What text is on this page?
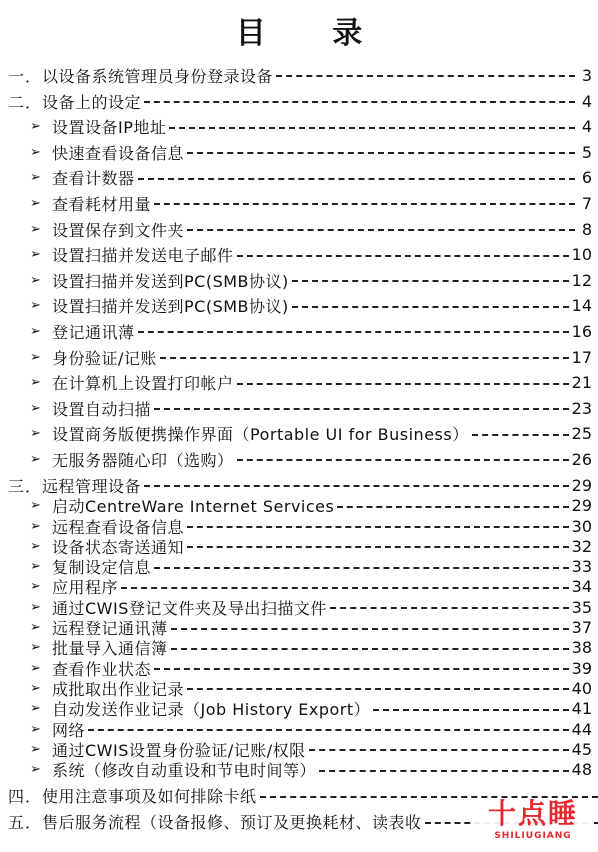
目 录
一． 以设备系统管理员身份登录设备	3
二． 设备上的设定	4
➢ 设置设备IP地址	4
➢ 快速查看设备信息	5
➢ 查看计数器	6
➢ 查看耗材用量	7
➢ 设置保存到文件夹	8
➢ 设置扫描并发送电子邮件	10
➢ 设置扫描并发送到PC(SMB协议)	12
➢ 设置扫描并发送到PC(SMB协议)	14
➢ 登记通讯薄	16
➢ 身份验证/记账	17
➢ 在计算机上设置打印帐户	21
➢ 设置自动扫描	23
➢ 设置商务版便携操作界面（Portable UI for Business）	25
➢ 无服务器随心印（选购）	26
三． 远程管理设备	29
➢ 启动CentreWare Internet Services	29
➢ 远程查看设备信息	30
➢ 设备状态寄送通知	32
➢ 复制设定信息	33
➢ 应用程序	34
➢ 通过CWIS登记文件夹及导出扫描文件	35
➢ 远程登记通讯薄	37
➢ 批量导入通信簿	38
➢ 查看作业状态	39
➢ 成批取出作业记录	40
➢ 自动发送作业记录（Job History Export）	41
➢ 网络	44
➢ 通过CWIS设置身份验证/记账/权限	45
➢ 系统（修改自动重设和节电时间等）	48
四． 使用注意事项及如何排除卡纸
五． 售后服务流程（设备报修、预订及更换耗材、读表收	十点睡
SHILIUGIANG
